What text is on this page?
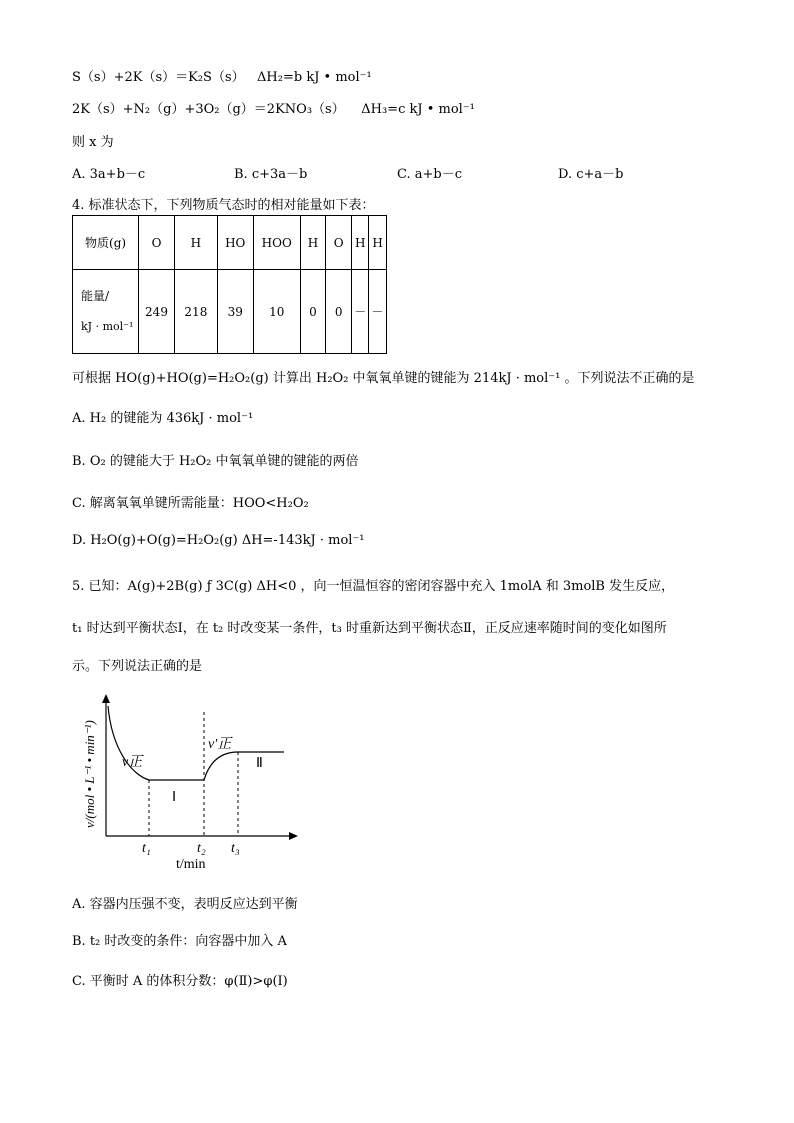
S（s）+2K（s）＝K₂S（s） ΔH₂=b kJ • mol⁻¹
2K（s）+N₂（g）+3O₂（g）＝2KNO₃（s） ΔH₃=c kJ • mol⁻¹
则 x 为
A. 3a+b－c	B. c+3a－b	C. a+b－c	D. c+a－b
4. 标准状态下，下列物质气态时的相对能量如下表：
物质(g)	O	H	HO	HOO	H	O	H	H
能量/
kJ · mol⁻¹	249	218	39	10	0	0	－	－
可根据 HO(g)+HO(g)=H₂O₂(g) 计算出 H₂O₂ 中氧氧单键的键能为 214kJ · mol⁻¹ 。下列说法不正确的是
A. H₂ 的键能为 436kJ · mol⁻¹
B. O₂ 的键能大于 H₂O₂ 中氧氧单键的键能的两倍
C. 解离氧氧单键所需能量：HOO<H₂O₂
D. H₂O(g)+O(g)=H₂O₂(g) ΔH=-143kJ · mol⁻¹
5. 已知：A(g)+2B(g) ƒ 3C(g) ΔH<0 ，向一恒温恒容的密闭容器中充入 1molA 和 3molB 发生反应，
t₁ 时达到平衡状态Ⅰ，在 t₂ 时改变某一条件，t₃ 时重新达到平衡状态Ⅱ，正反应速率随时间的变化如图所
示。下列说法正确的是
v/(mol • L⁻¹ • min⁻¹) v正
v′正
Ⅰ
Ⅱ
t₁	t₂ t₃
t/min
A. 容器内压强不变，表明反应达到平衡
B. t₂ 时改变的条件：向容器中加入 A
C. 平衡时 A 的体积分数：φ(Ⅱ)>φ(Ⅰ)
